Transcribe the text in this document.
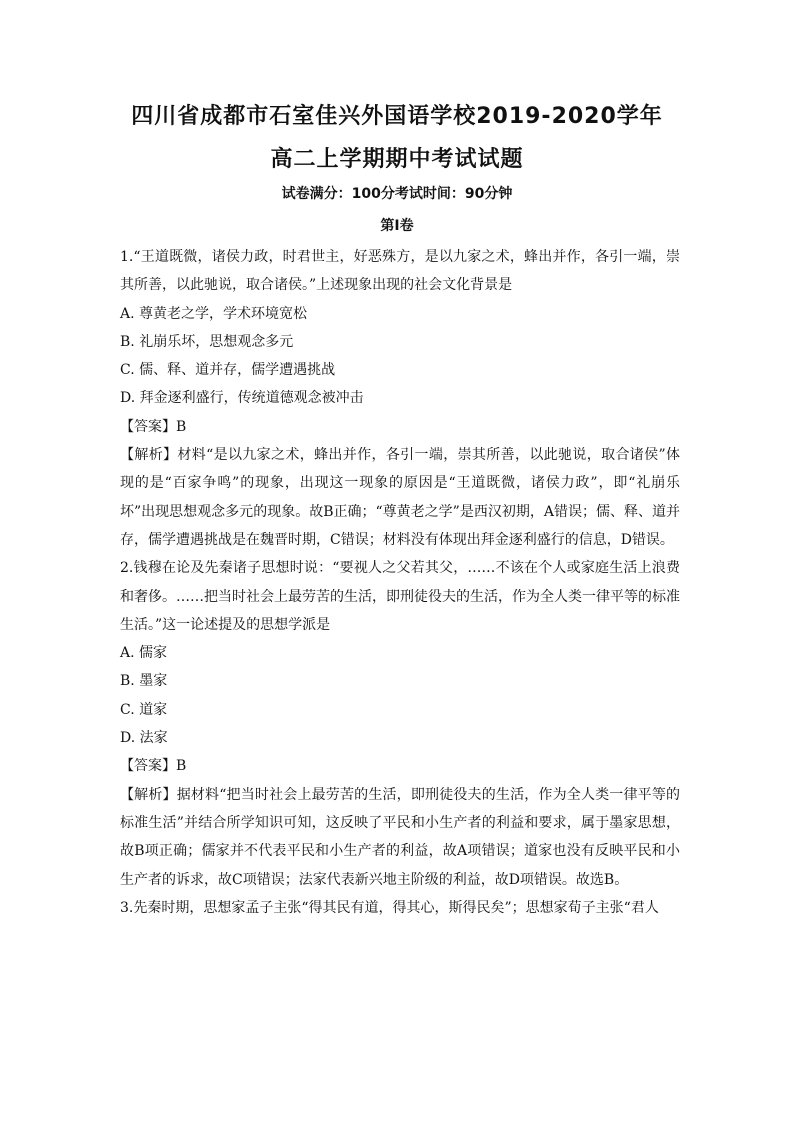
四川省成都市石室佳兴外国语学校2019-2020学年
高二上学期期中考试试题
试卷满分：100分考试时间：90分钟
第Ⅰ卷

1.“王道既微，诸侯力政，时君世主，好恶殊方，是以九家之术，蜂出并作，各引一端，崇其所善，以此驰说，取合诸侯。”上述现象出现的社会文化背景是

A. 尊黄老之学，学术环境宽松

B. 礼崩乐坏，思想观念多元

C. 儒、释、道并存，儒学遭遇挑战

D. 拜金逐利盛行，传统道德观念被冲击

【答案】B

【解析】材料“是以九家之术，蜂出并作，各引一端，崇其所善，以此驰说，取合诸侯”体现的是“百家争鸣”的现象，出现这一现象的原因是“王道既微，诸侯力政”，即“礼崩乐坏”出现思想观念多元的现象。故B正确；“尊黄老之学”是西汉初期，A错误；儒、释、道并存，儒学遭遇挑战是在魏晋时期，C错误；材料没有体现出拜金逐利盛行的信息，D错误。

2.钱穆在论及先秦诸子思想时说：“要视人之父若其父，……不该在个人或家庭生活上浪费和奢侈。……把当时社会上最劳苦的生活，即刑徒役夫的生活，作为全人类一律平等的标准生活。”这一论述提及的思想学派是

A. 儒家

B. 墨家

C. 道家

D. 法家

【答案】B

【解析】据材料“把当时社会上最劳苦的生活，即刑徒役夫的生活，作为全人类一律平等的标准生活”并结合所学知识可知，这反映了平民和小生产者的利益和要求，属于墨家思想，故B项正确；儒家并不代表平民和小生产者的利益，故A项错误；道家也没有反映平民和小生产者的诉求，故C项错误；法家代表新兴地主阶级的利益，故D项错误。故选B。

3.先秦时期，思想家孟子主张“得其民有道，得其心，斯得民矣”；思想家荀子主张“君人
